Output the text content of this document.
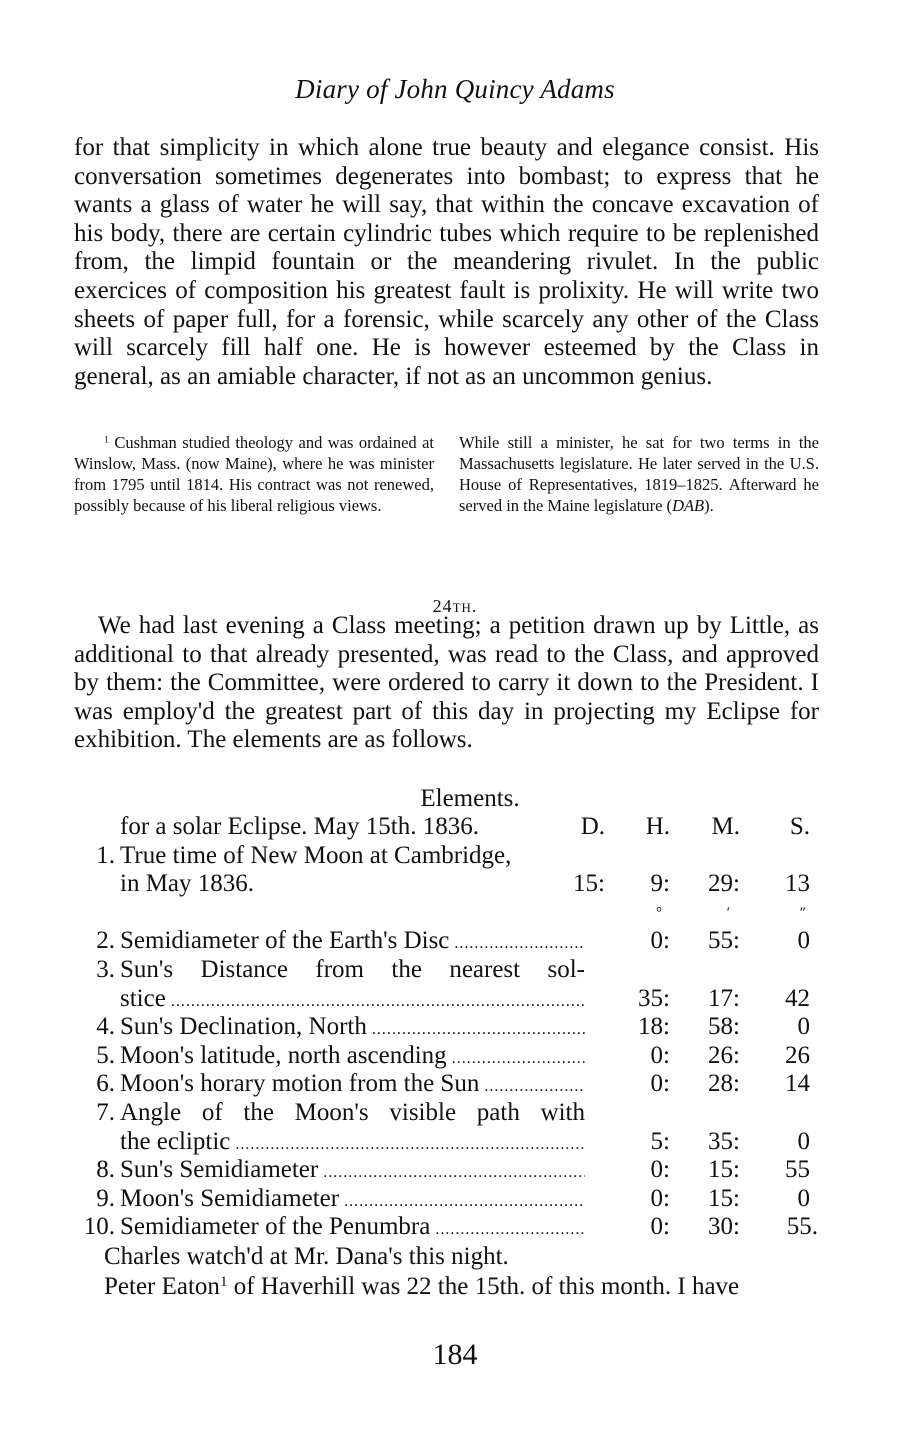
Diary of John Quincy Adams

for that simplicity in which alone true beauty and elegance consist. His conversation sometimes degenerates into bombast; to express that he wants a glass of water he will say, that within the concave excavation of his body, there are certain cylindric tubes which require to be replenished from, the limpid fountain or the meandering rivulet. In the public exercices of composition his greatest fault is prolixity. He will write two sheets of paper full, for a forensic, while scarcely any other of the Class will scarcely fill half one. He is however esteemed by the Class in general, as an amiable character, if not as an uncommon genius.

$^1$ Cushman studied theology and was ordained at Winslow, Mass. (now Maine), where he was minister from 1795 until 1814. His contract was not renewed, possibly because of his liberal religious views.

While still a minister, he sat for two terms in the Massachusetts legislature. He later served in the U.S. House of Representatives, 1819–1825. Afterward he served in the Maine legislature (DAB).

24th.

We had last evening a Class meeting; a petition drawn up by Little, as additional to that already presented, was read to the Class, and approved by them: the Committee, were ordered to carry it down to the President. I was employ'd the greatest part of this day in projecting my Eclipse for exhibition. The elements are as follows.

Elements.
for a solar Eclipse. May 15th. 1836.	D. H. M. S.
1. True time of New Moon at Cambridge,
in May 1836.	15: 9: 29: 13
°	′	″
2. Semidiameter of the Earth's Disc .....	0: 55: 0
3. Sun's Distance from the nearest sol-
stice .....	35: 17: 42
4. Sun's Declination, North .....	18: 58: 0
5. Moon's latitude, north ascending .....	0: 26: 26
6. Moon's horary motion from the Sun .....	0: 28: 14
7. Angle of the Moon's visible path with
the ecliptic .....	5: 35: 0
8. Sun's Semidiameter .....	0: 15: 55
9. Moon's Semidiameter .....	0: 15: 0
10. Semidiameter of the Penumbra .....	0: 30: 55.

Charles watch'd at Mr. Dana's this night.

Peter Eaton$^1$ of Haverhill was 22 the 15th. of this month. I have

184
